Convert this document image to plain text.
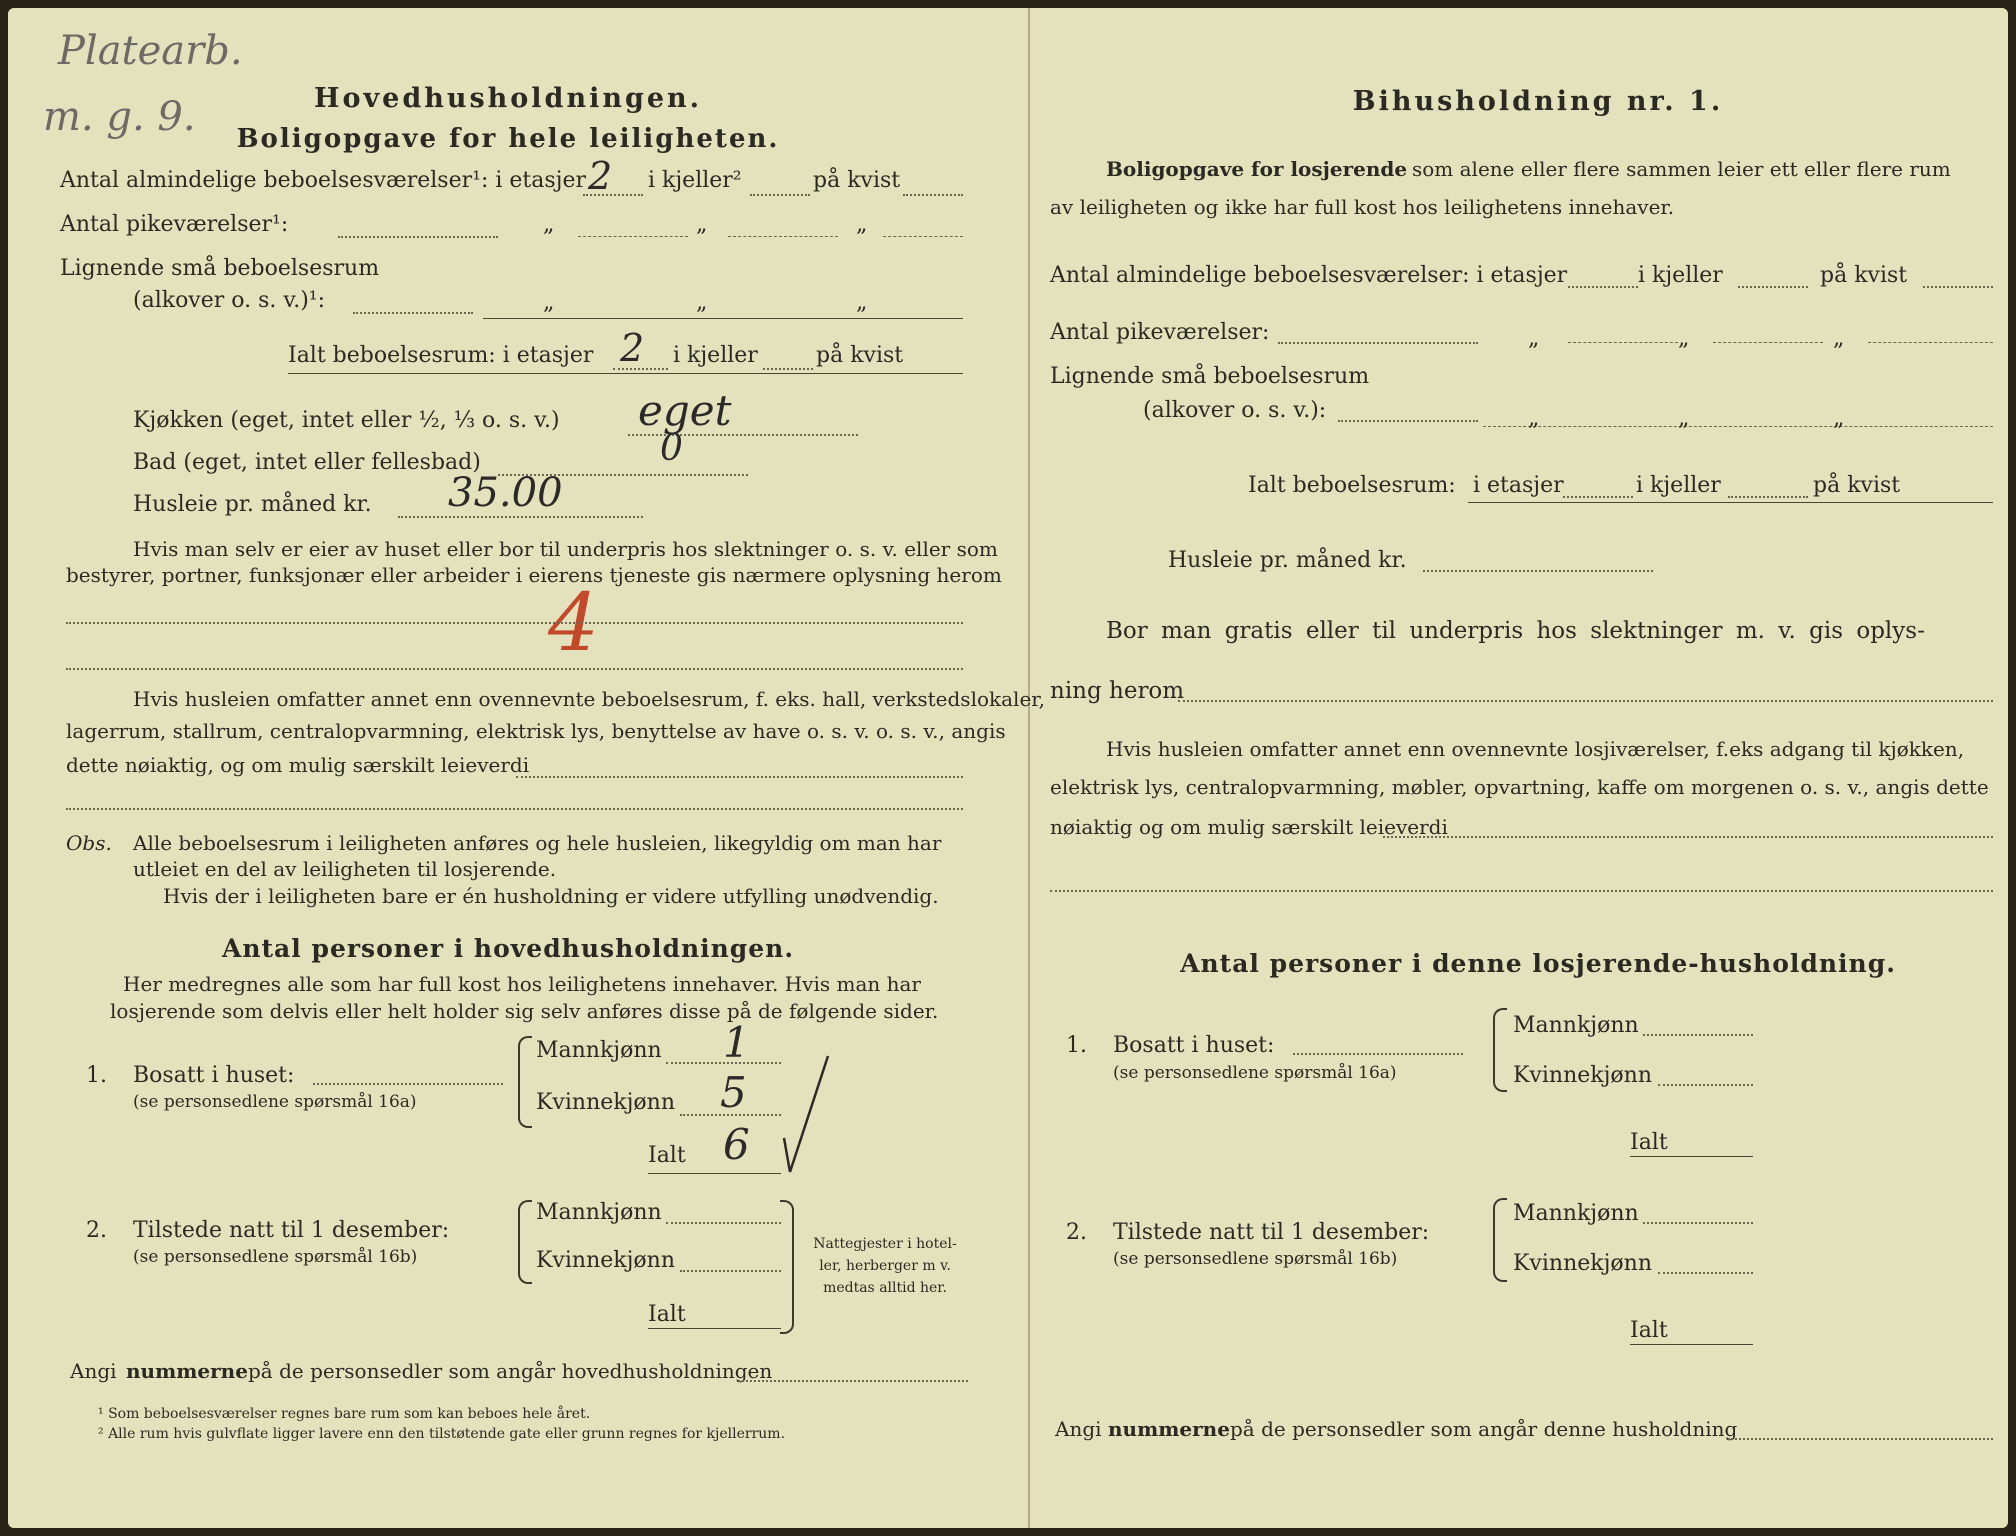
Platearb.
m. g. 9.	Hovedhusholdningen.
Boligopgave for hele leiligheten.
Antal almindelige beboelsesværelser¹: i etasjer 2 i kjeller²	på kvist
Antal pikeværelser¹:	„	„	„
Lignende små beboelsesrum
(alkover o. s. v.)¹:	„	„	„
Ialt beboelsesrum: i etasjer 2 i kjeller	på kvist
Kjøkken (eget, intet eller ½, ⅓ o. s. v.) eget
Bad (eget, intet eller fellesbad)	0
Husleie pr. måned kr. 35.00
Hvis man selv er eier av huset eller bor til underpris hos slektninger o. s. v. eller som
bestyrer, portner, funksjonær eller arbeider i eierens tjeneste gis nærmere oplysning herom
4
Hvis husleien omfatter annet enn ovennevnte beboelsesrum, f. eks. hall, verkstedslokaler,
lagerrum, stallrum, centralopvarmning, elektrisk lys, benyttelse av have o. s. v. o. s. v., angis
dette nøiaktig, og om mulig særskilt leieverdi
Obs. Alle beboelsesrum i leiligheten anføres og hele husleien, likegyldig om man har
utleiet en del av leiligheten til losjerende.
Hvis der i leiligheten bare er én husholdning er videre utfylling unødvendig.
Antal personer i hovedhusholdningen.
Her medregnes alle som har full kost hos leilighetens innehaver. Hvis man har
losjerende som delvis eller helt holder sig selv anføres disse på de følgende sider.
1. Bosatt i huset:
(se personsedlene spørsmål 16a)
Mannkjønn 1
Kvinnekjønn 5
Ialt 6
2. Tilstede natt til 1 desember:
(se personsedlene spørsmål 16b)
Mannkjønn
Kvinnekjønn
Ialt
Nattegjester i hotel-
ler, herberger m v.
medtas alltid her.
Angi nummerne på de personsedler som angår hovedhusholdningen
¹ Som beboelsesværelser regnes bare rum som kan beboes hele året.
² Alle rum hvis gulvflate ligger lavere enn den tilstøtende gate eller grunn regnes for kjellerrum.
Bihusholdning nr. 1.
Boligopgave for losjerende som alene eller flere sammen leier ett eller flere rum
av leiligheten og ikke har full kost hos leilighetens innehaver.
Antal almindelige beboelsesværelser: i etasjer	i kjeller	på kvist
Antal pikeværelser:	„	„	„
Lignende små beboelsesrum
(alkover o. s. v.):	„	„	„
Ialt beboelsesrum: i etasjer	i kjeller	på kvist
Husleie pr. måned kr.
Bor man gratis eller til underpris hos slektninger m. v. gis oplys-
ning herom
Hvis husleien omfatter annet enn ovennevnte losjiværelser, f.eks adgang til kjøkken,
elektrisk lys, centralopvarmning, møbler, opvartning, kaffe om morgenen o. s. v., angis dette
nøiaktig og om mulig særskilt leieverdi
Antal personer i denne losjerende-husholdning.
1. Bosatt i huset:
(se personsedlene spørsmål 16a)
Mannkjønn
Kvinnekjønn
Ialt
2. Tilstede natt til 1 desember:
(se personsedlene spørsmål 16b)
Mannkjønn
Kvinnekjønn
Ialt
Angi nummerne på de personsedler som angår denne husholdning
